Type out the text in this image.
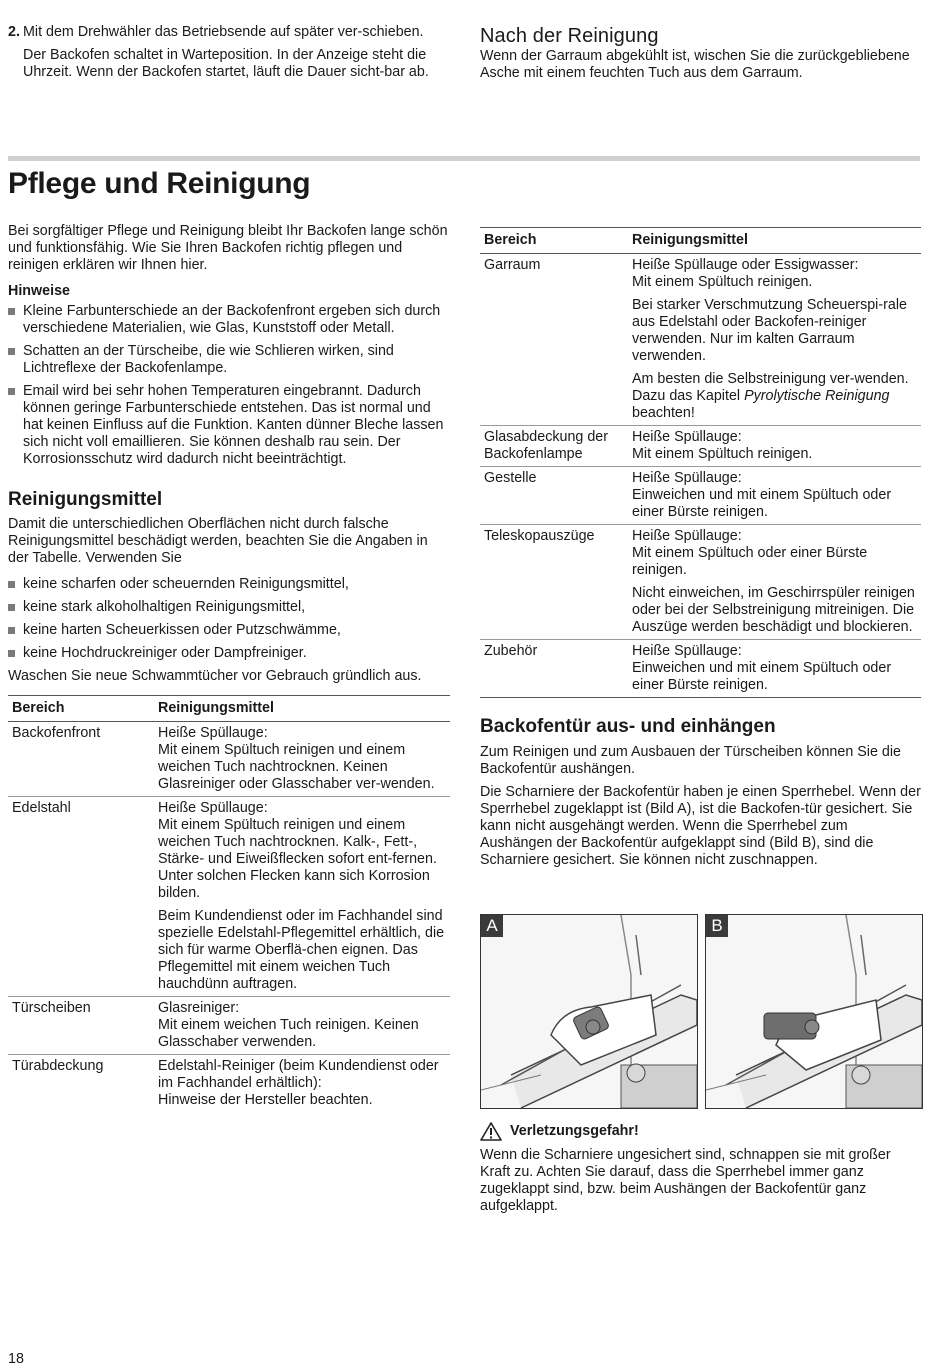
2. Mit dem Drehwähler das Betriebsende auf später ver-schieben.

Der Backofen schaltet in Warteposition. In der Anzeige steht die Uhrzeit. Wenn der Backofen startet, läuft die Dauer sicht-bar ab.

Nach der Reinigung

Wenn der Garraum abgekühlt ist, wischen Sie die zurückgebliebene Asche mit einem feuchten Tuch aus dem Garraum.

Pflege und Reinigung

Bei sorgfältiger Pflege und Reinigung bleibt Ihr Backofen lange schön und funktionsfähig. Wie Sie Ihren Backofen richtig pflegen und reinigen erklären wir Ihnen hier.

Hinweise
Kleine Farbunterschiede an der Backofenfront ergeben sich durch verschiedene Materialien, wie Glas, Kunststoff oder Metall.
Schatten an der Türscheibe, die wie Schlieren wirken, sind Lichtreflexe der Backofenlampe.
Email wird bei sehr hohen Temperaturen eingebrannt. Dadurch können geringe Farbunterschiede entstehen. Das ist normal und hat keinen Einfluss auf die Funktion. Kanten dünner Bleche lassen sich nicht voll emaillieren. Sie können deshalb rau sein. Der Korrosionsschutz wird dadurch nicht beeinträchtigt.
Reinigungsmittel

Damit die unterschiedlichen Oberflächen nicht durch falsche Reinigungsmittel beschädigt werden, beachten Sie die Angaben in der Tabelle. Verwenden Sie

keine scharfen oder scheuernden Reinigungsmittel,
keine stark alkoholhaltigen Reinigungsmittel,
keine harten Scheuerkissen oder Putzschwämme,
keine Hochdruckreiniger oder Dampfreiniger.

Waschen Sie neue Schwammtücher vor Gebrauch gründlich aus.

Bereich	Reinigungsmittel
Backofenfront	Heiße Spüllauge:
Mit einem Spültuch reinigen und einem weichen Tuch nachtrocknen. Keinen Glasreiniger oder Glasschaber ver-wenden.

Edelstahl	Heiße Spüllauge:
Mit einem Spültuch reinigen und einem weichen Tuch nachtrocknen. Kalk-, Fett-, Stärke- und Eiweißflecken sofort ent-fernen. Unter solchen Flecken kann sich Korrosion bilden.

Beim Kundendienst oder im Fachhandel sind spezielle Edelstahl-Pflegemittel erhältlich, die sich für warme Oberflä-chen eignen. Das Pflegemittel mit einem weichen Tuch hauchdünn auftragen.

Türscheiben	Glasreiniger:
Mit einem weichen Tuch reinigen. Keinen Glasschaber verwenden.

Türabdeckung	Edelstahl-Reiniger (beim Kundendienst oder im Fachhandel erhältlich):
Hinweise der Hersteller beachten.

Bereich	Reinigungsmittel
Garraum	Heiße Spüllauge oder Essigwasser:
Mit einem Spültuch reinigen.

Bei starker Verschmutzung Scheuerspi-rale aus Edelstahl oder Backofen-reiniger verwenden. Nur im kalten Garraum verwenden.

Am besten die Selbstreinigung ver-wenden. Dazu das Kapitel Pyrolytische Reinigung beachten!

Glasabdeckung der Backofenlampe	Heiße Spüllauge:
Mit einem Spültuch reinigen.

Gestelle	Heiße Spüllauge:
Einweichen und mit einem Spültuch oder einer Bürste reinigen.

Teleskopauszüge	Heiße Spüllauge:
Mit einem Spültuch oder einer Bürste reinigen.

Nicht einweichen, im Geschirrspüler reinigen oder bei der Selbstreinigung mitreinigen. Die Auszüge werden beschädigt und blockieren.

Zubehör	Heiße Spüllauge:
Einweichen und mit einem Spültuch oder einer Bürste reinigen.

Backofentür aus- und einhängen

Zum Reinigen und zum Ausbauen der Türscheiben können Sie die Backofentür aushängen.

Die Scharniere der Backofentür haben je einen Sperrhebel. Wenn der Sperrhebel zugeklappt ist (Bild A), ist die Backofen-tür gesichert. Sie kann nicht ausgehängt werden. Wenn die Sperrhebel zum Aushängen der Backofentür aufgeklappt sind (Bild B), sind die Scharniere gesichert. Sie können nicht zuschnappen.

A	B
Verletzungsgefahr!

Wenn die Scharniere ungesichert sind, schnappen sie mit großer Kraft zu. Achten Sie darauf, dass die Sperrhebel immer ganz zugeklappt sind, bzw. beim Aushängen der Backofentür ganz aufgeklappt.

18
